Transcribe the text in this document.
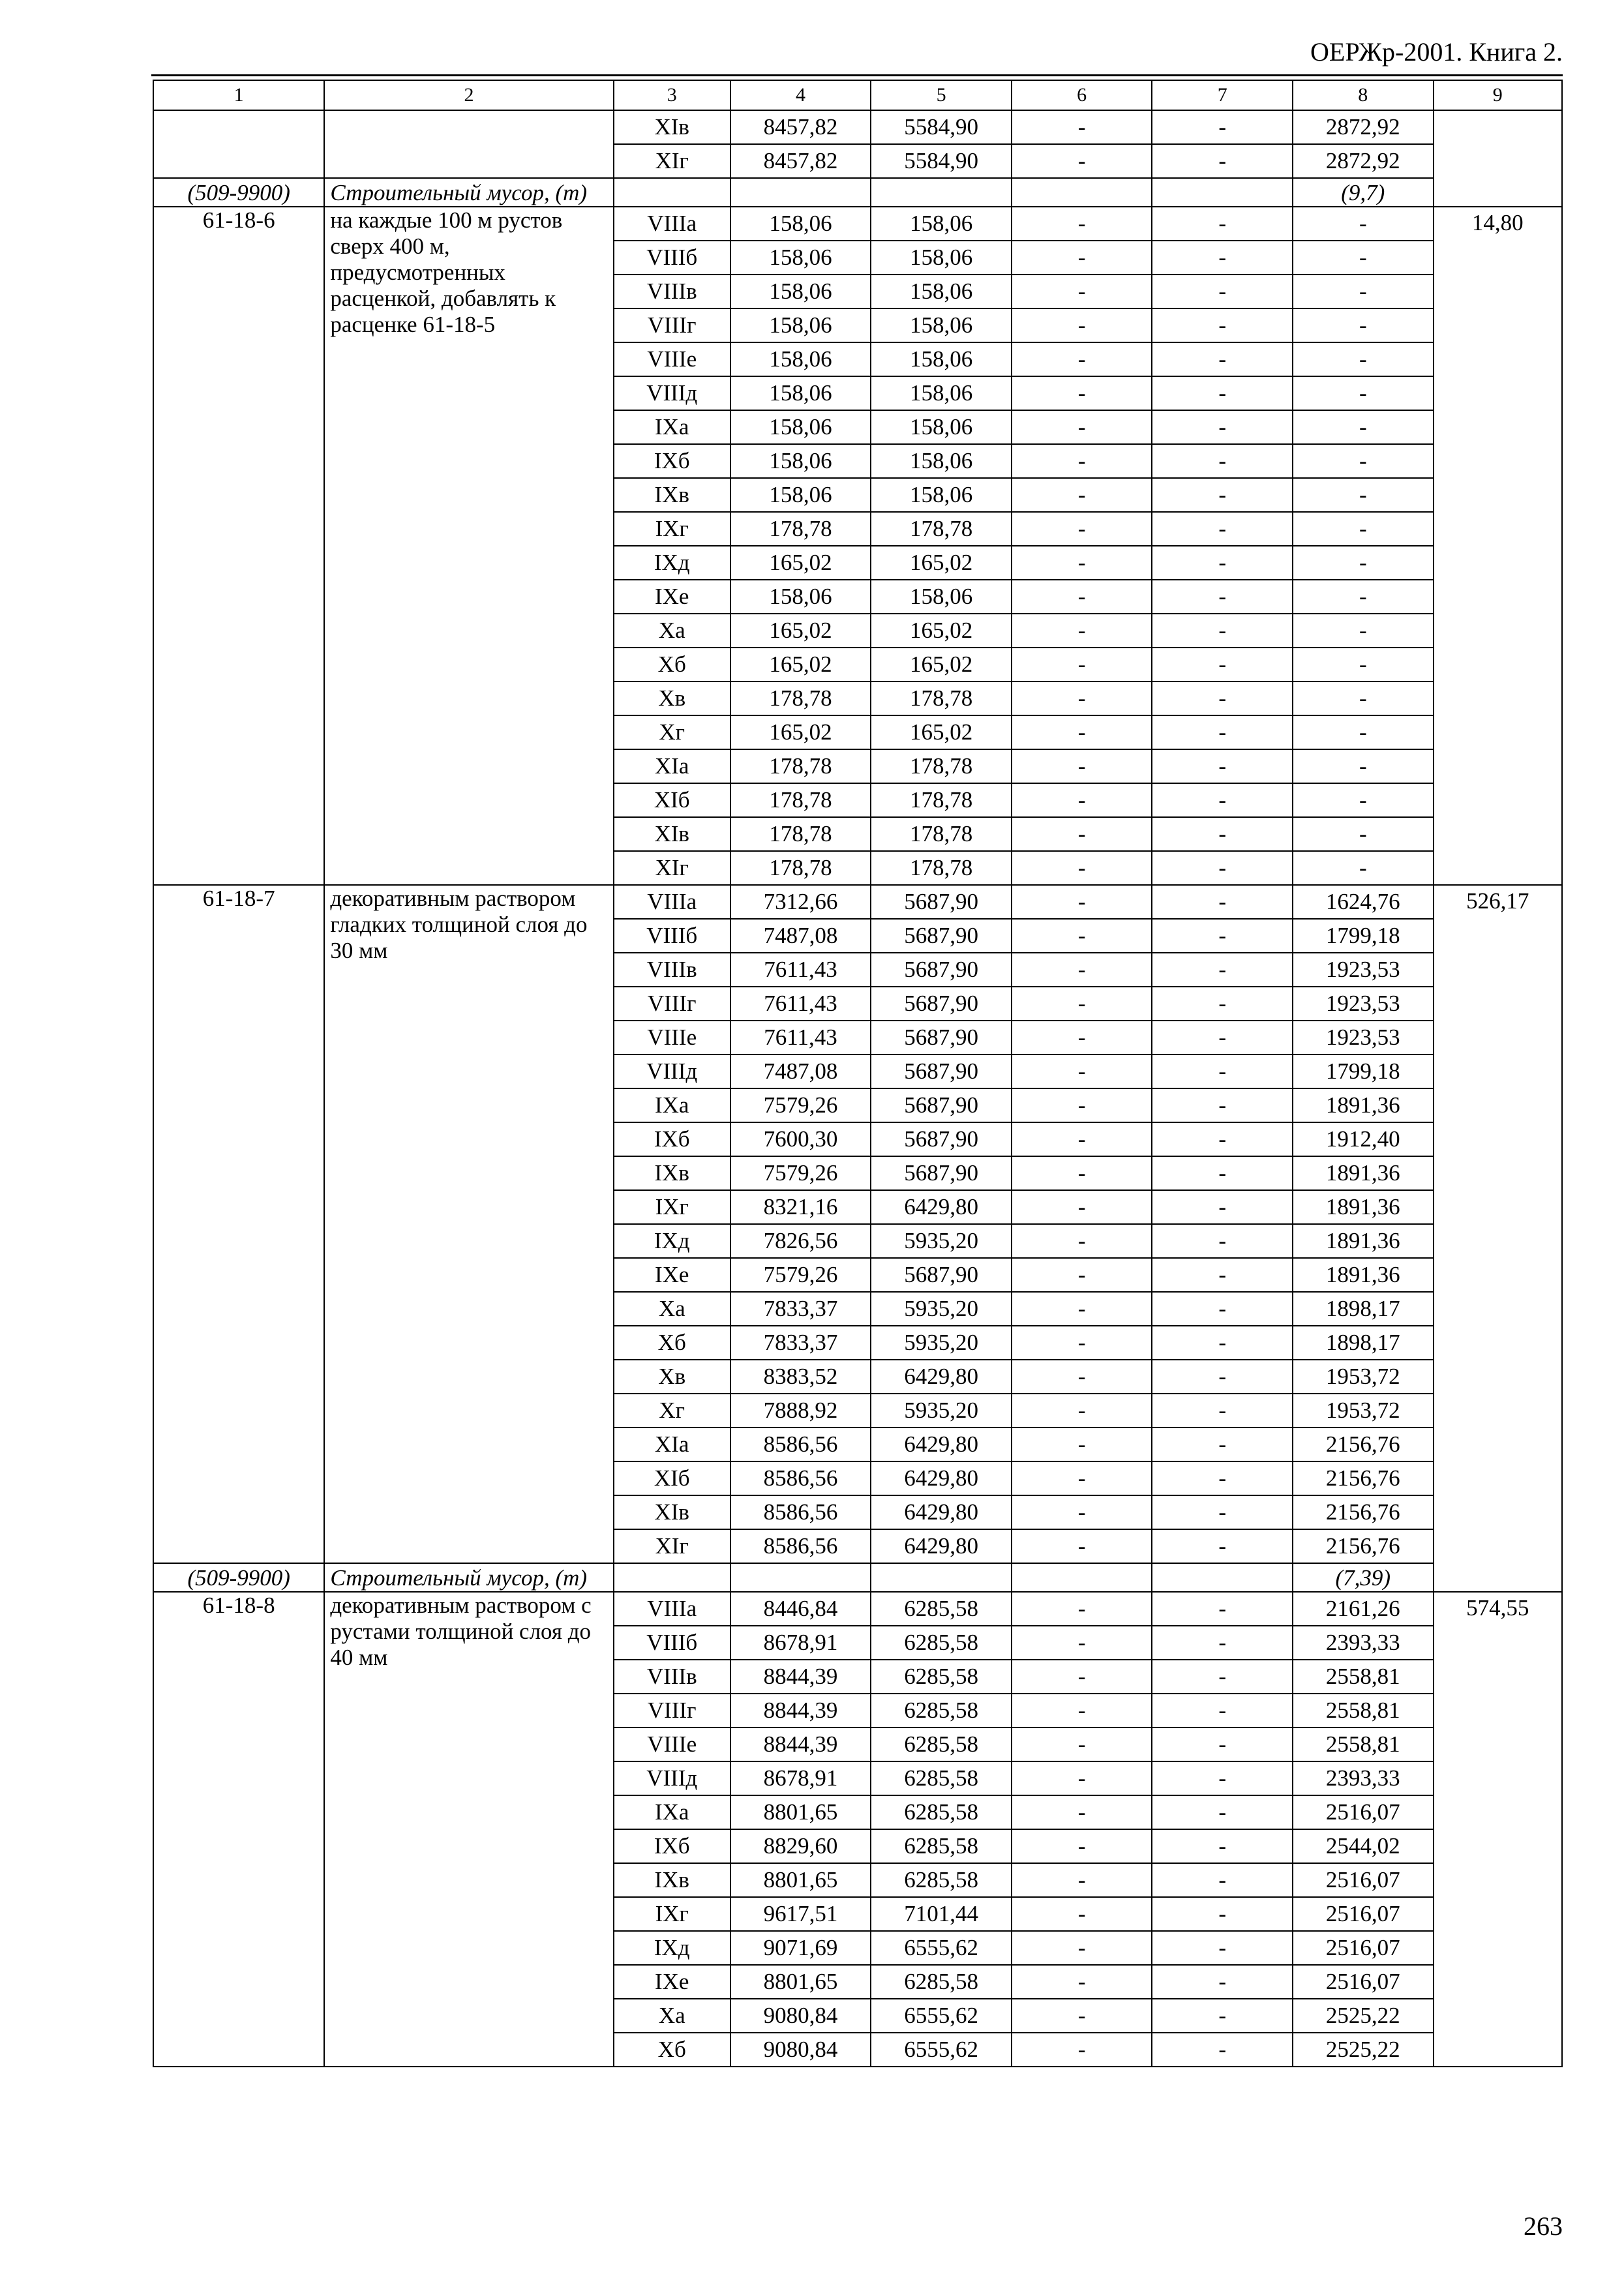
ОЕРЖр-2001. Книга 2.
1	2	3	4	5	6	7	8	9
		XIв	8457,82	5584,90	-	-	2872,92	
		XIг	8457,82	5584,90	-	-	2872,92	
(509-9900)	Строительный мусор, (т)						(9,7)	

61-18-6	на каждые 100 м рустов сверх 400 м, предусмотренных расценкой, добавлять к расценке 61-18-5	VIIIа	158,06	158,06	-	-	-	14,80

		VIIIб	158,06	158,06	-	-	-	
		VIIIв	158,06	158,06	-	-	-	
		VIIIг	158,06	158,06	-	-	-	
		VIIIе	158,06	158,06	-	-	-	
		VIIIд	158,06	158,06	-	-	-	
		IXа	158,06	158,06	-	-	-	
		IXб	158,06	158,06	-	-	-	
		IXв	158,06	158,06	-	-	-	
		IXг	178,78	178,78	-	-	-	
		IXд	165,02	165,02	-	-	-	
		IXе	158,06	158,06	-	-	-	
		Xа	165,02	165,02	-	-	-	
		Xб	165,02	165,02	-	-	-	
		Xв	178,78	178,78	-	-	-	
		Xг	165,02	165,02	-	-	-	
		XIа	178,78	178,78	-	-	-	
		XIб	178,78	178,78	-	-	-	
		XIв	178,78	178,78	-	-	-	
		XIг	178,78	178,78	-	-	-	

61-18-7	декоративным раствором гладких толщиной слоя до 30 мм	VIIIа	7312,66	5687,90	-	-	1624,76	526,17

		VIIIб	7487,08	5687,90	-	-	1799,18	
		VIIIв	7611,43	5687,90	-	-	1923,53	
		VIIIг	7611,43	5687,90	-	-	1923,53	
		VIIIе	7611,43	5687,90	-	-	1923,53	
		VIIIд	7487,08	5687,90	-	-	1799,18	
		IXа	7579,26	5687,90	-	-	1891,36	
		IXб	7600,30	5687,90	-	-	1912,40	
		IXв	7579,26	5687,90	-	-	1891,36	
		IXг	8321,16	6429,80	-	-	1891,36	
		IXд	7826,56	5935,20	-	-	1891,36	
		IXе	7579,26	5687,90	-	-	1891,36	
		Xа	7833,37	5935,20	-	-	1898,17	
		Xб	7833,37	5935,20	-	-	1898,17	
		Xв	8383,52	6429,80	-	-	1953,72	
		Xг	7888,92	5935,20	-	-	1953,72	
		XIа	8586,56	6429,80	-	-	2156,76	
		XIб	8586,56	6429,80	-	-	2156,76	
		XIв	8586,56	6429,80	-	-	2156,76	
		XIг	8586,56	6429,80	-	-	2156,76	
(509-9900)	Строительный мусор, (т)						(7,39)	

61-18-8	декоративным раствором с рустами толщиной слоя до 40 мм	VIIIа	8446,84	6285,58	-	-	2161,26	574,55

		VIIIб	8678,91	6285,58	-	-	2393,33	
		VIIIв	8844,39	6285,58	-	-	2558,81	
		VIIIг	8844,39	6285,58	-	-	2558,81	
		VIIIе	8844,39	6285,58	-	-	2558,81	
		VIIIд	8678,91	6285,58	-	-	2393,33	
		IXа	8801,65	6285,58	-	-	2516,07	
		IXб	8829,60	6285,58	-	-	2544,02	
		IXв	8801,65	6285,58	-	-	2516,07	
		IXг	9617,51	7101,44	-	-	2516,07	
		IXд	9071,69	6555,62	-	-	2516,07	
		IXе	8801,65	6285,58	-	-	2516,07	
		Xа	9080,84	6555,62	-	-	2525,22	
		Xб	9080,84	6555,62	-	-	2525,22	
263
